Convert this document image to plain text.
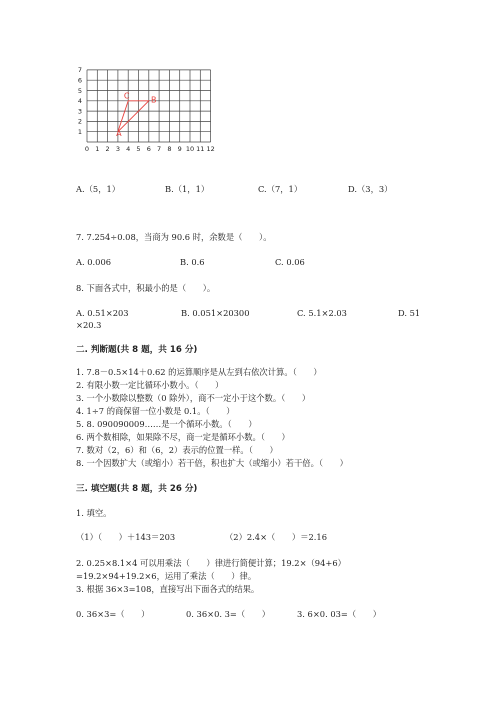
0 1 2 3 4 5 6 7 8 9 10 11 12
7
6
5
4
3
2
1	A
C	B
A.（5，1）	B.（1，1）	C.（7，1）	D.（3，3）
7. 7.254÷0.08，当商为 90.6 时，余数是（　　）。
A. 0.006	B. 0.6	C. 0.06
8. 下面各式中，积最小的是（　　）。
A. 0.51×203	B. 0.051×20300	C. 5.1×2.03	D. 51
×20.3
二. 判断题(共 8 题，共 16 分)
1. 7.8－0.5×14＋0.62 的运算顺序是从左到右依次计算。（　　）
2. 有限小数一定比循环小数小。（　　）
3. 一个小数除以整数（0 除外），商不一定小于这个数。（　　）
4. 1÷7 的商保留一位小数是 0.1。（　　）
5. 8. 090090009……是一个循环小数。（　　）
6. 两个数相除，如果除不尽，商一定是循环小数。（　　）
7. 数对（2，6）和（6，2）表示的位置一样。（　　）
8. 一个因数扩大（或缩小）若干倍，积也扩大（或缩小）若干倍。（　　）
三. 填空题(共 8 题，共 26 分)
1. 填空。
（1）（　　）＋143＝203	（2）2.4×（　　）＝2.16
2. 0.25×8.1×4 可以用乘法（　　）律进行简便计算；19.2×（94+6）
=19.2×94+19.2×6，运用了乘法（　　）律。
3. 根据 36×3=108，直接写出下面各式的结果。
0. 36×3=（　　）	0. 36×0. 3=（　　）	3. 6×0. 03=（　　）
